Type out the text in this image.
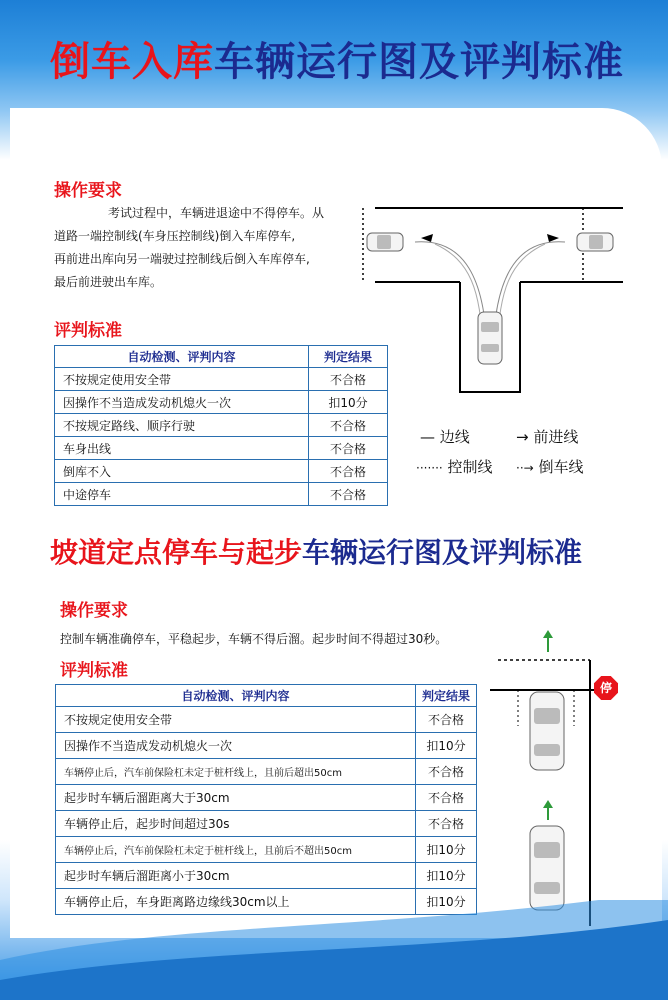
倒车入库车辆运行图及评判标准
操作要求
考试过程中，车辆进退途中不得停车。从
道路一端控制线(车身压控制线)倒入车库停车,
再前进出库向另一端驶过控制线后倒入车库停车,
最后前进驶出车库。
评判标准
自动检测、评判内容	判定结果
不按规定使用安全带	不合格
因操作不当造成发动机熄火一次	扣10分
不按规定路线、顺序行驶	不合格
车身出线	不合格
倒库不入	不合格
中途停车	不合格
— 边线	→ 前进线
······· 控制线 ··→ 倒车线
坡道定点停车与起步车辆运行图及评判标准
操作要求
控制车辆准确停车，平稳起步，车辆不得后溜。起步时间不得超过30秒。
评判标准
自动检测、评判内容	判定结果
不按规定使用安全带	不合格
因操作不当造成发动机熄火一次	扣10分
车辆停止后，汽车前保险杠未定于桩杆线上，且前后超出50cm	不合格
起步时车辆后溜距离大于30cm	不合格
车辆停止后，起步时间超过30s	不合格
车辆停止后，汽车前保险杠未定于桩杆线上，且前后不超出50cm	扣10分
起步时车辆后溜距离小于30cm	扣10分
车辆停止后，车身距离路边缘线30cm以上	扣10分
停
